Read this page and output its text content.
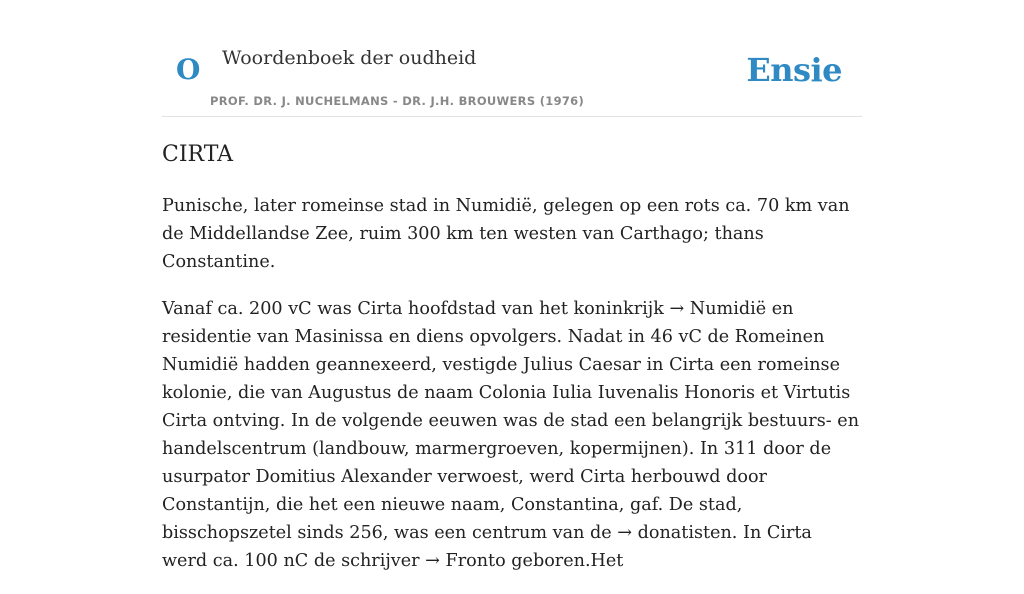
O Woordenboek der oudheid
PROF. DR. J. NUCHELMANS - DR. J.H. BROUWERS (1976)
Ensie
CIRTA

Punische, later romeinse stad in Numidië, gelegen op een rots ca. 70 km van de Middellandse Zee, ruim 300 km ten westen van Carthago; thans Constantine.

Vanaf ca. 200 vC was Cirta hoofdstad van het koninkrijk → Numidië en residentie van Masinissa en diens opvolgers. Nadat in 46 vC de Romeinen Numidië hadden geannexeerd, vestigde Julius Caesar in Cirta een romeinse kolonie, die van Augustus de naam Colonia Iulia Iuvenalis Honoris et Virtutis Cirta ontving. In de volgende eeuwen was de stad een belangrijk bestuurs- en handelscentrum (landbouw, marmergroeven, kopermijnen). In 311 door de usurpator Domitius Alexander verwoest, werd Cirta herbouwd door Constantijn, die het een nieuwe naam, Constantina, gaf. De stad, bisschopszetel sinds 256, was een centrum van de → donatisten. In Cirta werd ca. 100 nC de schrijver → Fronto geboren.Het
